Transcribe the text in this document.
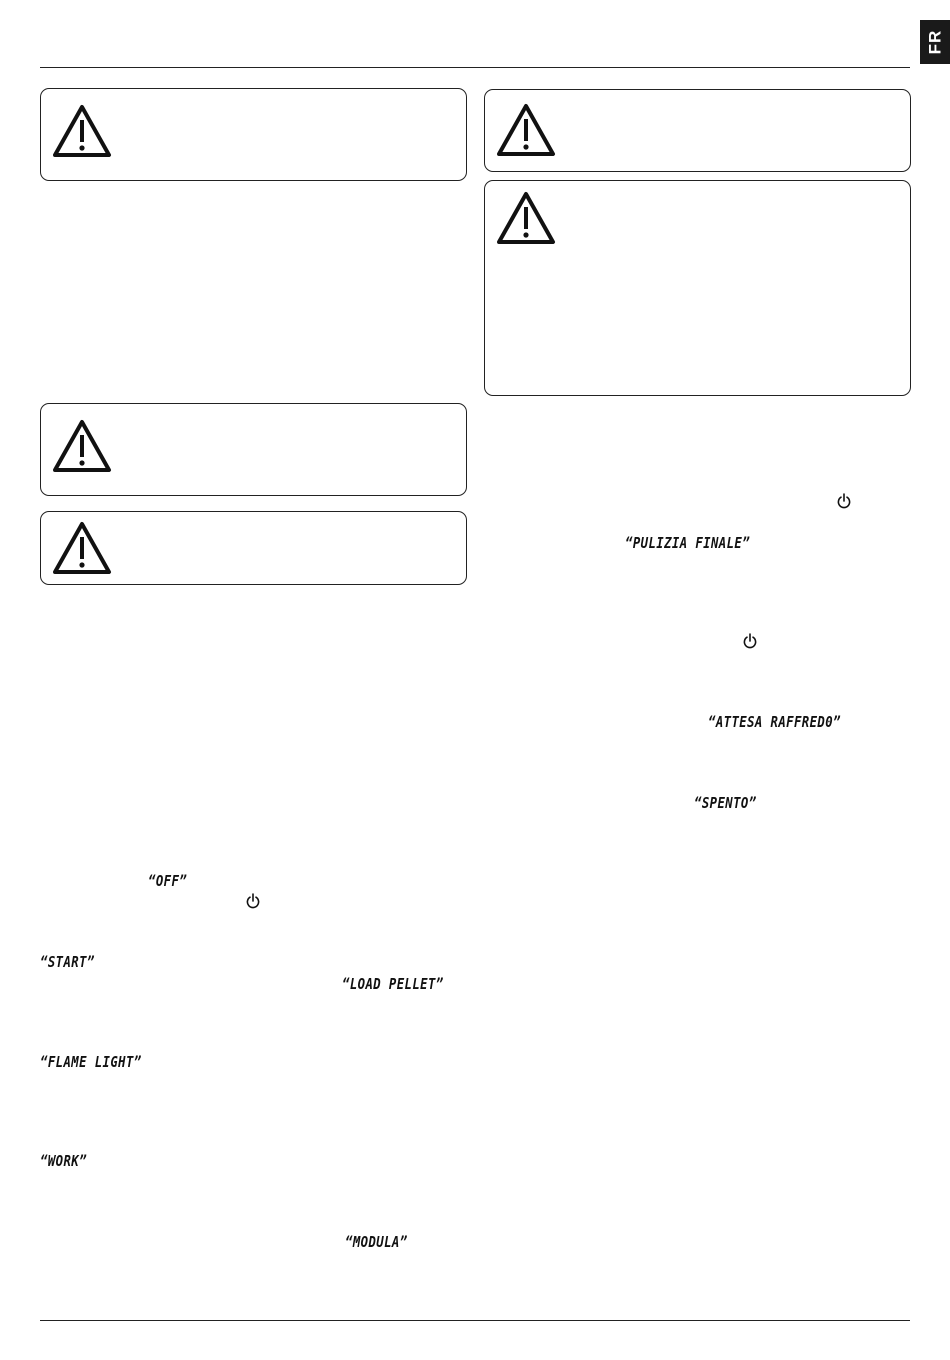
FR
“OFF”
“START”
“LOAD PELLET”
“FLAME LIGHT”
“WORK”
“MODULA”
“PULIZIA FINALE”
“ATTESA RAFFRED0”
“SPENTO”
